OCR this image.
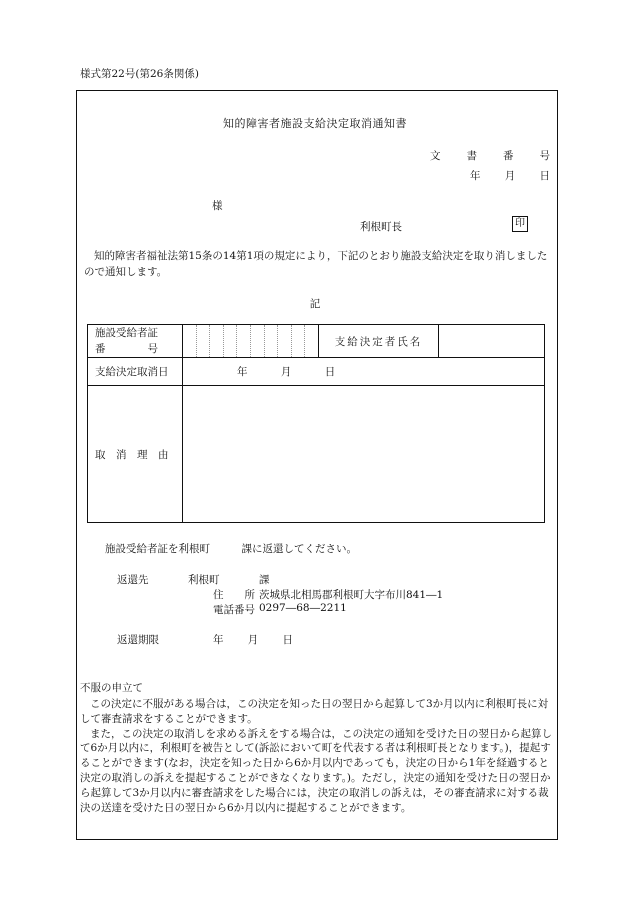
様式第22号(第26条関係)
知的障害者施設支給決定取消通知書
文 書 番 号
年 月 日
様
利根町長	印
知的障害者福祉法第15条の14第1項の規定により，下記のとおり施設支給決定を取り消しましたので通知します。
記
施設受給者証
番　　　　号		支給決定者氏名	
支給決定取消日	年 月 日		
取　消　理　由			
施設受給者証を利根町　　　課に返還してください。
返還先	利根町	課
住　　所 茨城県北相馬郡利根町大字布川841―1
電話番号 0297―68―2211
返還期限	年 月 日
不服の申立て
この決定に不服がある場合は，この決定を知った日の翌日から起算して3か月以内に利根町長に対して審査請求をすることができます。
また，この決定の取消しを求める訴えをする場合は，この決定の通知を受けた日の翌日から起算して6か月以内に，利根町を被告として(訴訟において町を代表する者は利根町長となります。)，提起することができます(なお，決定を知った日から6か月以内であっても，決定の日から1年を経過すると決定の取消しの訴えを提起することができなくなります。)。ただし，決定の通知を受けた日の翌日から起算して3か月以内に審査請求をした場合には，決定の取消しの訴えは，その審査請求に対する裁決の送達を受けた日の翌日から6か月以内に提起することができます。
